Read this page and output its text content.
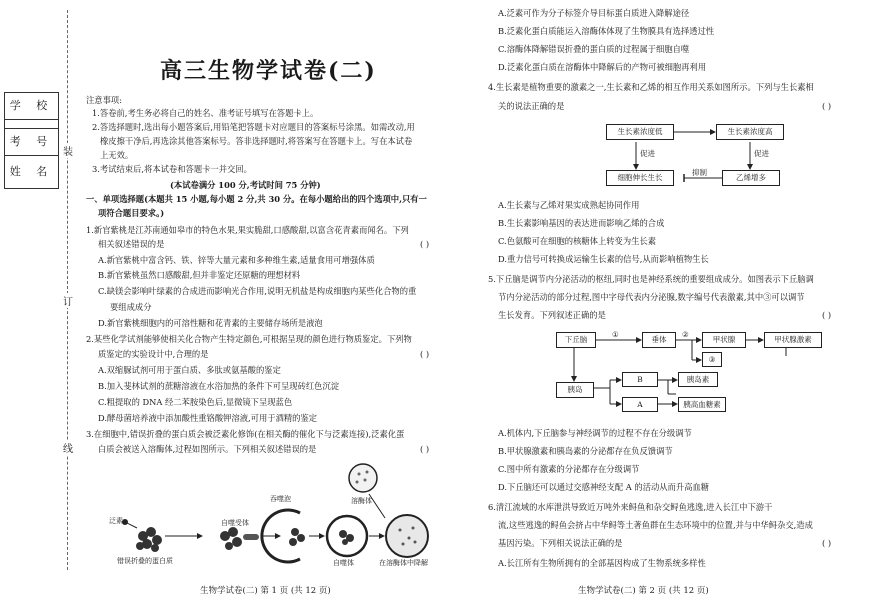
学 校
考 号
姓 名
装
订
线
高三生物学试卷(二)
注意事项:
1.答卷前,考生务必将自己的姓名、准考证号填写在答题卡上。
2.答选择题时,选出每小题答案后,用铅笔把答题卡对应题目的答案标号涂黑。如需改动,用
橡皮擦干净后,再选涂其他答案标号。答非选择题时,将答案写在答题卡上。写在本试卷
上无效。
3.考试结束后,将本试卷和答题卡一并交回。
(本试卷满分 100 分,考试时间 75 分钟)
一、单项选择题(本题共 15 小题,每小题 2 分,共 30 分。在每小题给出的四个选项中,只有一
项符合题目要求。)
1.新官紫桃是江苏南通如皋市的特色水果,果实脆甜,口感酸甜,以富含花青素而闻名。下列
相关叙述错误的是	( )
A.新官紫桃中富含钙、铁、锌等大量元素和多种维生素,适量食用可增强体质
B.新官紫桃虽然口感酸甜,但并非鉴定还原糖的理想材料
C.缺镁会影响叶绿素的合成进而影响光合作用,说明无机盐是构成细胞内某些化合物的重
要组成成分
D.新官紫桃细胞内的可溶性糖和花青素的主要储存场所是液泡
2.某些化学试剂能够使相关化合物产生特定颜色,可根据呈现的颜色进行物质鉴定。下列物
质鉴定的实验设计中,合理的是	( )
A.双缩脲试剂可用于蛋白质、多肽或氨基酸的鉴定
B.加入斐林试剂的蔗糖溶液在水浴加热的条件下可呈现砖红色沉淀
C.粗提取的 DNA 经二苯胺染色后,显微镜下呈现蓝色
D.酵母菌培养液中添加酸性重铬酸钾溶液,可用于酒精的鉴定
3.在细胞中,错误折叠的蛋白质会被泛素化修饰(在相关酶的催化下与泛素连接),泛素化蛋
白质会被送入溶酶体,过程如图所示。下列相关叙述错误的是	( )
泛素
错误折叠的蛋白质
自噬受体
吞噬泡
自噬体
溶酶体
在溶酶体中降解
生物学试卷(二) 第 1 页 (共 12 页)
A.泛素可作为分子标签介导目标蛋白质进入降解途径
B.泛素化蛋白质能运入溶酶体体现了生物膜具有选择透过性
C.溶酶体降解错误折叠的蛋白质的过程属于细胞自噬
D.泛素化蛋白质在溶酶体中降解后的产物可被细胞再利用
4.生长素是植物重要的激素之一,生长素和乙烯的相互作用关系如图所示。下列与生长素相
关的说法正确的是	( )
生长素浓度低	生长素浓度高
促进	促进
细胞伸长生长
抑制
乙烯增多
A.生长素与乙烯对果实成熟起协同作用
B.生长素影响基因的表达进而影响乙烯的合成
C.色氨酸可在细胞的核糖体上转变为生长素
D.重力信号可转换成运输生长素的信号,从而影响植物生长
5.下丘脑是调节内分泌活动的枢纽,同时也是神经系统的重要组成成分。如图表示下丘脑调
节内分泌活动的部分过程,图中字母代表内分泌腺,数字编号代表激素,其中③可以调节
生长发育。下列叙述正确的是	( )
下丘脑
①
垂体
②
甲状腺	甲状腺激素
③
胰岛
B	胰岛素
A	胰高血糖素
A.机体内,下丘脑参与神经调节的过程不存在分级调节
B.甲状腺激素和胰岛素的分泌都存在负反馈调节
C.图中所有激素的分泌都存在分级调节
D.下丘脑还可以通过交感神经支配 A 的活动从而升高血糖
6.清江流域的水库泄洪导致近万吨外来鲟鱼和杂交鲟鱼逃逸,进入长江中下游干
流,这些逃逸的鲟鱼会挤占中华鲟等土著鱼群在生态环境中的位置,并与中华鲟杂交,造成
基因污染。下列相关说法正确的是	( )
A.长江所有生物所拥有的全部基因构成了生物系统多样性
生物学试卷(二) 第 2 页 (共 12 页)
